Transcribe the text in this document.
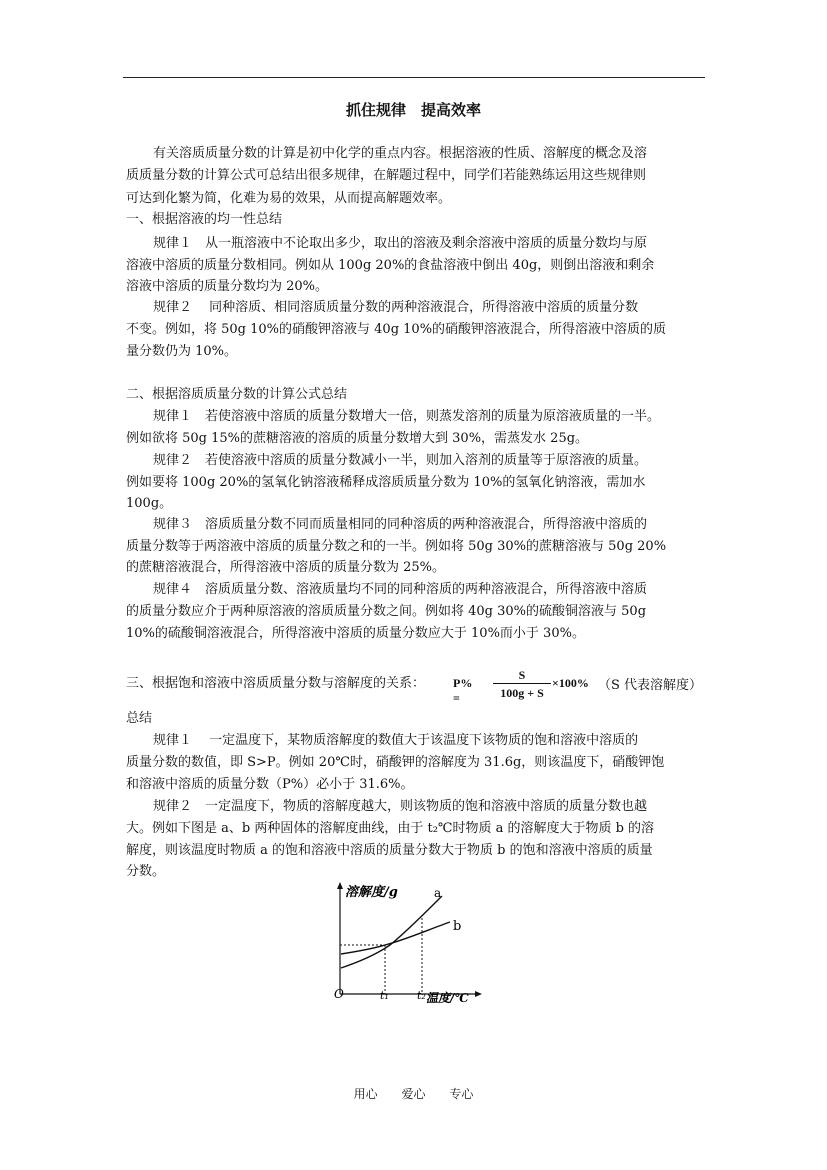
抓住规律　提高效率
有关溶质质量分数的计算是初中化学的重点内容。根据溶液的性质、溶解度的概念及溶
质质量分数的计算公式可总结出很多规律，在解题过程中，同学们若能熟练运用这些规律则
可达到化繁为简，化难为易的效果，从而提高解题效率。
一、根据溶液的均一性总结
规律１　从一瓶溶液中不论取出多少，取出的溶液及剩余溶液中溶质的质量分数均与原
溶液中溶质的质量分数相同。例如从 100g 20%的食盐溶液中倒出 40g，则倒出溶液和剩余
溶液中溶质的质量分数均为 20%。
规律２　 同种溶质、相同溶质质量分数的两种溶液混合，所得溶液中溶质的质量分数
不变。例如，将 50g 10%的硝酸钾溶液与 40g 10%的硝酸钾溶液混合，所得溶液中溶质的质
量分数仍为 10%。
二、根据溶质质量分数的计算公式总结
规律１　若使溶液中溶质的质量分数增大一倍，则蒸发溶剂的质量为原溶液质量的一半。
例如欲将 50g 15%的蔗糖溶液的溶质的质量分数增大到 30%，需蒸发水 25g。
规律２　若使溶液中溶质的质量分数减小一半，则加入溶剂的质量等于原溶液的质量。
例如要将 100g 20%的氢氧化钠溶液稀释成溶质质量分数为 10%的氢氧化钠溶液，需加水
100g。
规律３　溶质质量分数不同而质量相同的同种溶质的两种溶液混合，所得溶液中溶质的
质量分数等于两溶液中溶质的质量分数之和的一半。例如将 50g 30%的蔗糖溶液与 50g 20%
的蔗糖溶液混合，所得溶液中溶质的质量分数为 25%。
规律４　溶质质量分数、溶液质量均不同的同种溶质的两种溶液混合，所得溶液中溶质
的质量分数应介于两种原溶液的溶质质量分数之间。例如将 40g 30%的硫酸铜溶液与 50g
10%的硫酸铜溶液混合，所得溶液中溶质的质量分数应大于 10%而小于 30%。
三、根据饱和溶液中溶质质量分数与溶解度的关系： P% =
S
100g + S
×100% （S 代表溶解度）
总结
规律１　 一定温度下，某物质溶解度的数值大于该温度下该物质的饱和溶液中溶质的
质量分数的数值，即 S>P。例如 20℃时，硝酸钾的溶解度为 31.6g，则该温度下，硝酸钾饱
和溶液中溶质的质量分数（P%）必小于 31.6%。
规律２　一定温度下，物质的溶解度越大，则该物质的饱和溶液中溶质的质量分数也越
大。例如下图是 a、b 两种固体的溶解度曲线，由于 t₂℃时物质 a 的溶解度大于物质 b 的溶
解度，则该温度时物质 a 的饱和溶液中溶质的质量分数大于物质 b 的饱和溶液中溶质的质量
分数。
溶解度/g	a
b
O	t₁	t₂ 温度/℃
用心 爱心 专心
